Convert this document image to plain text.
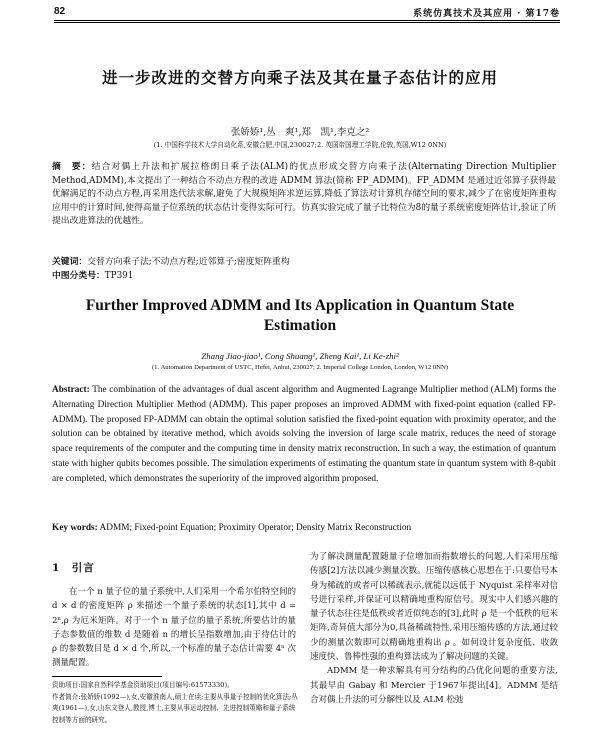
82	系统仿真技术及其应用 · 第17卷
进一步改进的交替方向乘子法及其在量子态估计的应用
张娇娇¹,丛　爽¹,郑　凯¹,李克之²
(1. 中国科学技术大学自动化系,安徽合肥,中国,230027;2. 英国帝国理工学院,伦敦,英国,W12 0NN)
摘　要：结合对偶上升法和扩展拉格朗日乘子法(ALM)的优点形成交替方向乘子法(Alternating Direction Multiplier Method,ADMM),本文提出了一种结合不动点方程的改进 ADMM 算法(简称 FP_ADMM)。FP_ADMM 是通过近邻算子获得最优解满足的不动点方程,再采用迭代法求解,避免了大规模矩阵求逆运算,降低了算法对计算机存储空间的要求,减少了在密度矩阵重构应用中的计算时间,使得高量子位系统的状态估计变得实际可行。仿真实验完成了量子比特位为8的量子系统密度矩阵估计,验证了所提出改进算法的优越性。
关键词：交替方向乘子法;不动点方程;近邻算子;密度矩阵重构
中图分类号：TP391
Further Improved ADMM and Its Application in Quantum State Estimation
Zhang Jiao-jiao¹, Cong Shuang¹, Zheng Kai¹, Li Ke-zhi²
(1. Automation Department of USTC, Hefei, Anhui, 230027; 2. Imperial College London, London, W12 0NN)
Abstract: The combination of the advantages of dual ascent algorithm and Augmented Lagrange Multiplier method (ALM) forms the Alternating Direction Multiplier Method (ADMM). This paper proposes an improved ADMM with fixed-point equation (called FP-ADMM). The proposed FP-ADMM can obtain the optimal solution satisfied the fixed-point equation with proximity operator, and the solution can be obtained by iterative method, which avoids solving the inversion of large scale matrix, reduces the need of storage space requirements of the computer and the computing time in density matrix reconstruction. In such a way, the estimation of quantum state with higher qubits becomes possible. The simulation experiments of estimating the quantum state in quantum system with 8-qubit are completed, which demonstrates the superiority of the improved algorithm proposed.
Key words: ADMM; Fixed-point Equation; Proximity Operator; Density Matrix Reconstruction
1　引言

在一个 n 量子位的量子系统中,人们采用一个希尔伯特空间的 d × d 的密度矩阵 ρ 来描述一个量子系统的状态[1],其中 d = 2ⁿ,ρ 为厄米矩阵。对于一个 n 量子位的量子系统,所要估计的量子态参数值的维数 d 是随着 n 的增长呈指数增加,由于待估计的 ρ 的参数数目是 d × d 个,所以,一个标准的量子态估计需要 4ⁿ 次测量配置。

为了解决测量配置随量子位增加而指数增长的问题,人们采用压缩传感[2]方法以减少测量次数。压缩传感核心思想在于:只要信号本身为稀疏的或者可以稀疏表示,就能以远低于 Nyquist 采样率对信号进行采样,并保证可以精确地重构原信号。现实中人们感兴趣的量子状态往往是低秩或者近似纯态的[3],此时 ρ 是一个低秩的厄米矩阵,奇异值大部分为0,具备稀疏特性,采用压缩传感的方法,通过较少的测量次数即可以精确地重构出 ρ 。如何设计复杂度低、收敛速度快、鲁棒性强的重构算法成为了解决问题的关键。

ADMM 是一种求解具有可分结构的凸优化问题的重要方法,其最早由 Gabay 和 Mercier 于1967年提出[4]。ADMM 是结合对偶上升法的可分解性以及 ALM 松弛

资助项目:国家自然科学基金资助项目(项目编号:61573330)。
作者简介:张娇娇(1992—),女,安徽淮南人,硕士在读;主要从事量子控制的优化算法;丛爽(1961—),女,山东文登人,教授,博士,主要从事运动控制、先进控制策略和量子系统控制等方面的研究。
